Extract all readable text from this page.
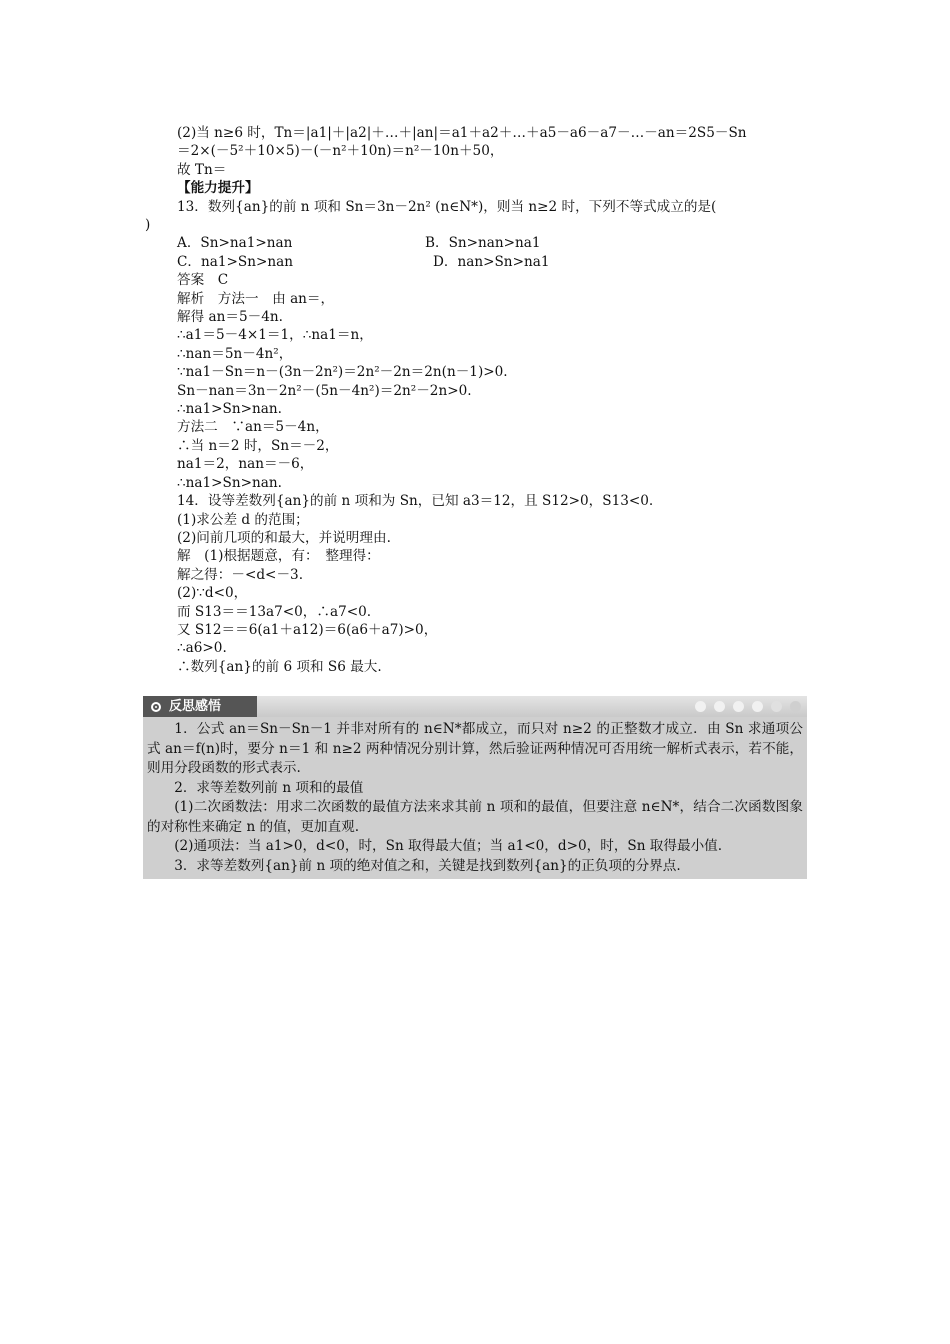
(2)当 n≥6 时，Tn＝|a1|＋|a2|＋…＋|an|＝a1＋a2＋…＋a5－a6－a7－…－an＝2S5－Sn
＝2×(－5²＋10×5)－(－n²＋10n)＝n²－10n＋50，
故 Tn＝
【能力提升】
13．数列{an}的前 n 项和 Sn＝3n－2n² (n∈N*)，则当 n≥2 时，下列不等式成立的是(
)
A．Sn>na1>nan	B．Sn>nan>na1
C．na1>Sn>nan	D．nan>Sn>na1
答案　C
解析　方法一　由 an＝，
解得 an＝5－4n.
∴a1＝5－4×1＝1，∴na1＝n，
∴nan＝5n－4n²，
∵na1－Sn＝n－(3n－2n²)＝2n²－2n＝2n(n－1)>0.
Sn－nan＝3n－2n²－(5n－4n²)＝2n²－2n>0.
∴na1>Sn>nan.
方法二　∵an＝5－4n，
∴当 n＝2 时，Sn＝－2，
na1＝2，nan＝－6，
∴na1>Sn>nan.
14．设等差数列{an}的前 n 项和为 Sn，已知 a3＝12，且 S12>0，S13<0.
(1)求公差 d 的范围；
(2)问前几项的和最大，并说明理由.
解　(1)根据题意，有：　整理得：
解之得：－<d<－3.
(2)∵d<0，
而 S13＝＝13a7<0，∴a7<0.
又 S12＝＝6(a1＋a12)＝6(a6＋a7)>0，
∴a6>0.
∴数列{an}的前 6 项和 S6 最大.
反思感悟
1．公式 an＝Sn－Sn－1 并非对所有的 n∈N*都成立，而只对 n≥2 的正整数才成立．由 Sn 求通项公式 an＝f(n)时，要分 n＝1 和 n≥2 两种情况分别计算，然后验证两种情况可否用统一解析式表示，若不能，则用分段函数的形式表示.
2．求等差数列前 n 项和的最值
(1)二次函数法：用求二次函数的最值方法来求其前 n 项和的最值，但要注意 n∈N*，结合二次函数图象的对称性来确定 n 的值，更加直观.
(2)通项法：当 a1>0，d<0，时，Sn 取得最大值；当 a1<0，d>0，时，Sn 取得最小值.
3．求等差数列{an}前 n 项的绝对值之和，关键是找到数列{an}的正负项的分界点.
